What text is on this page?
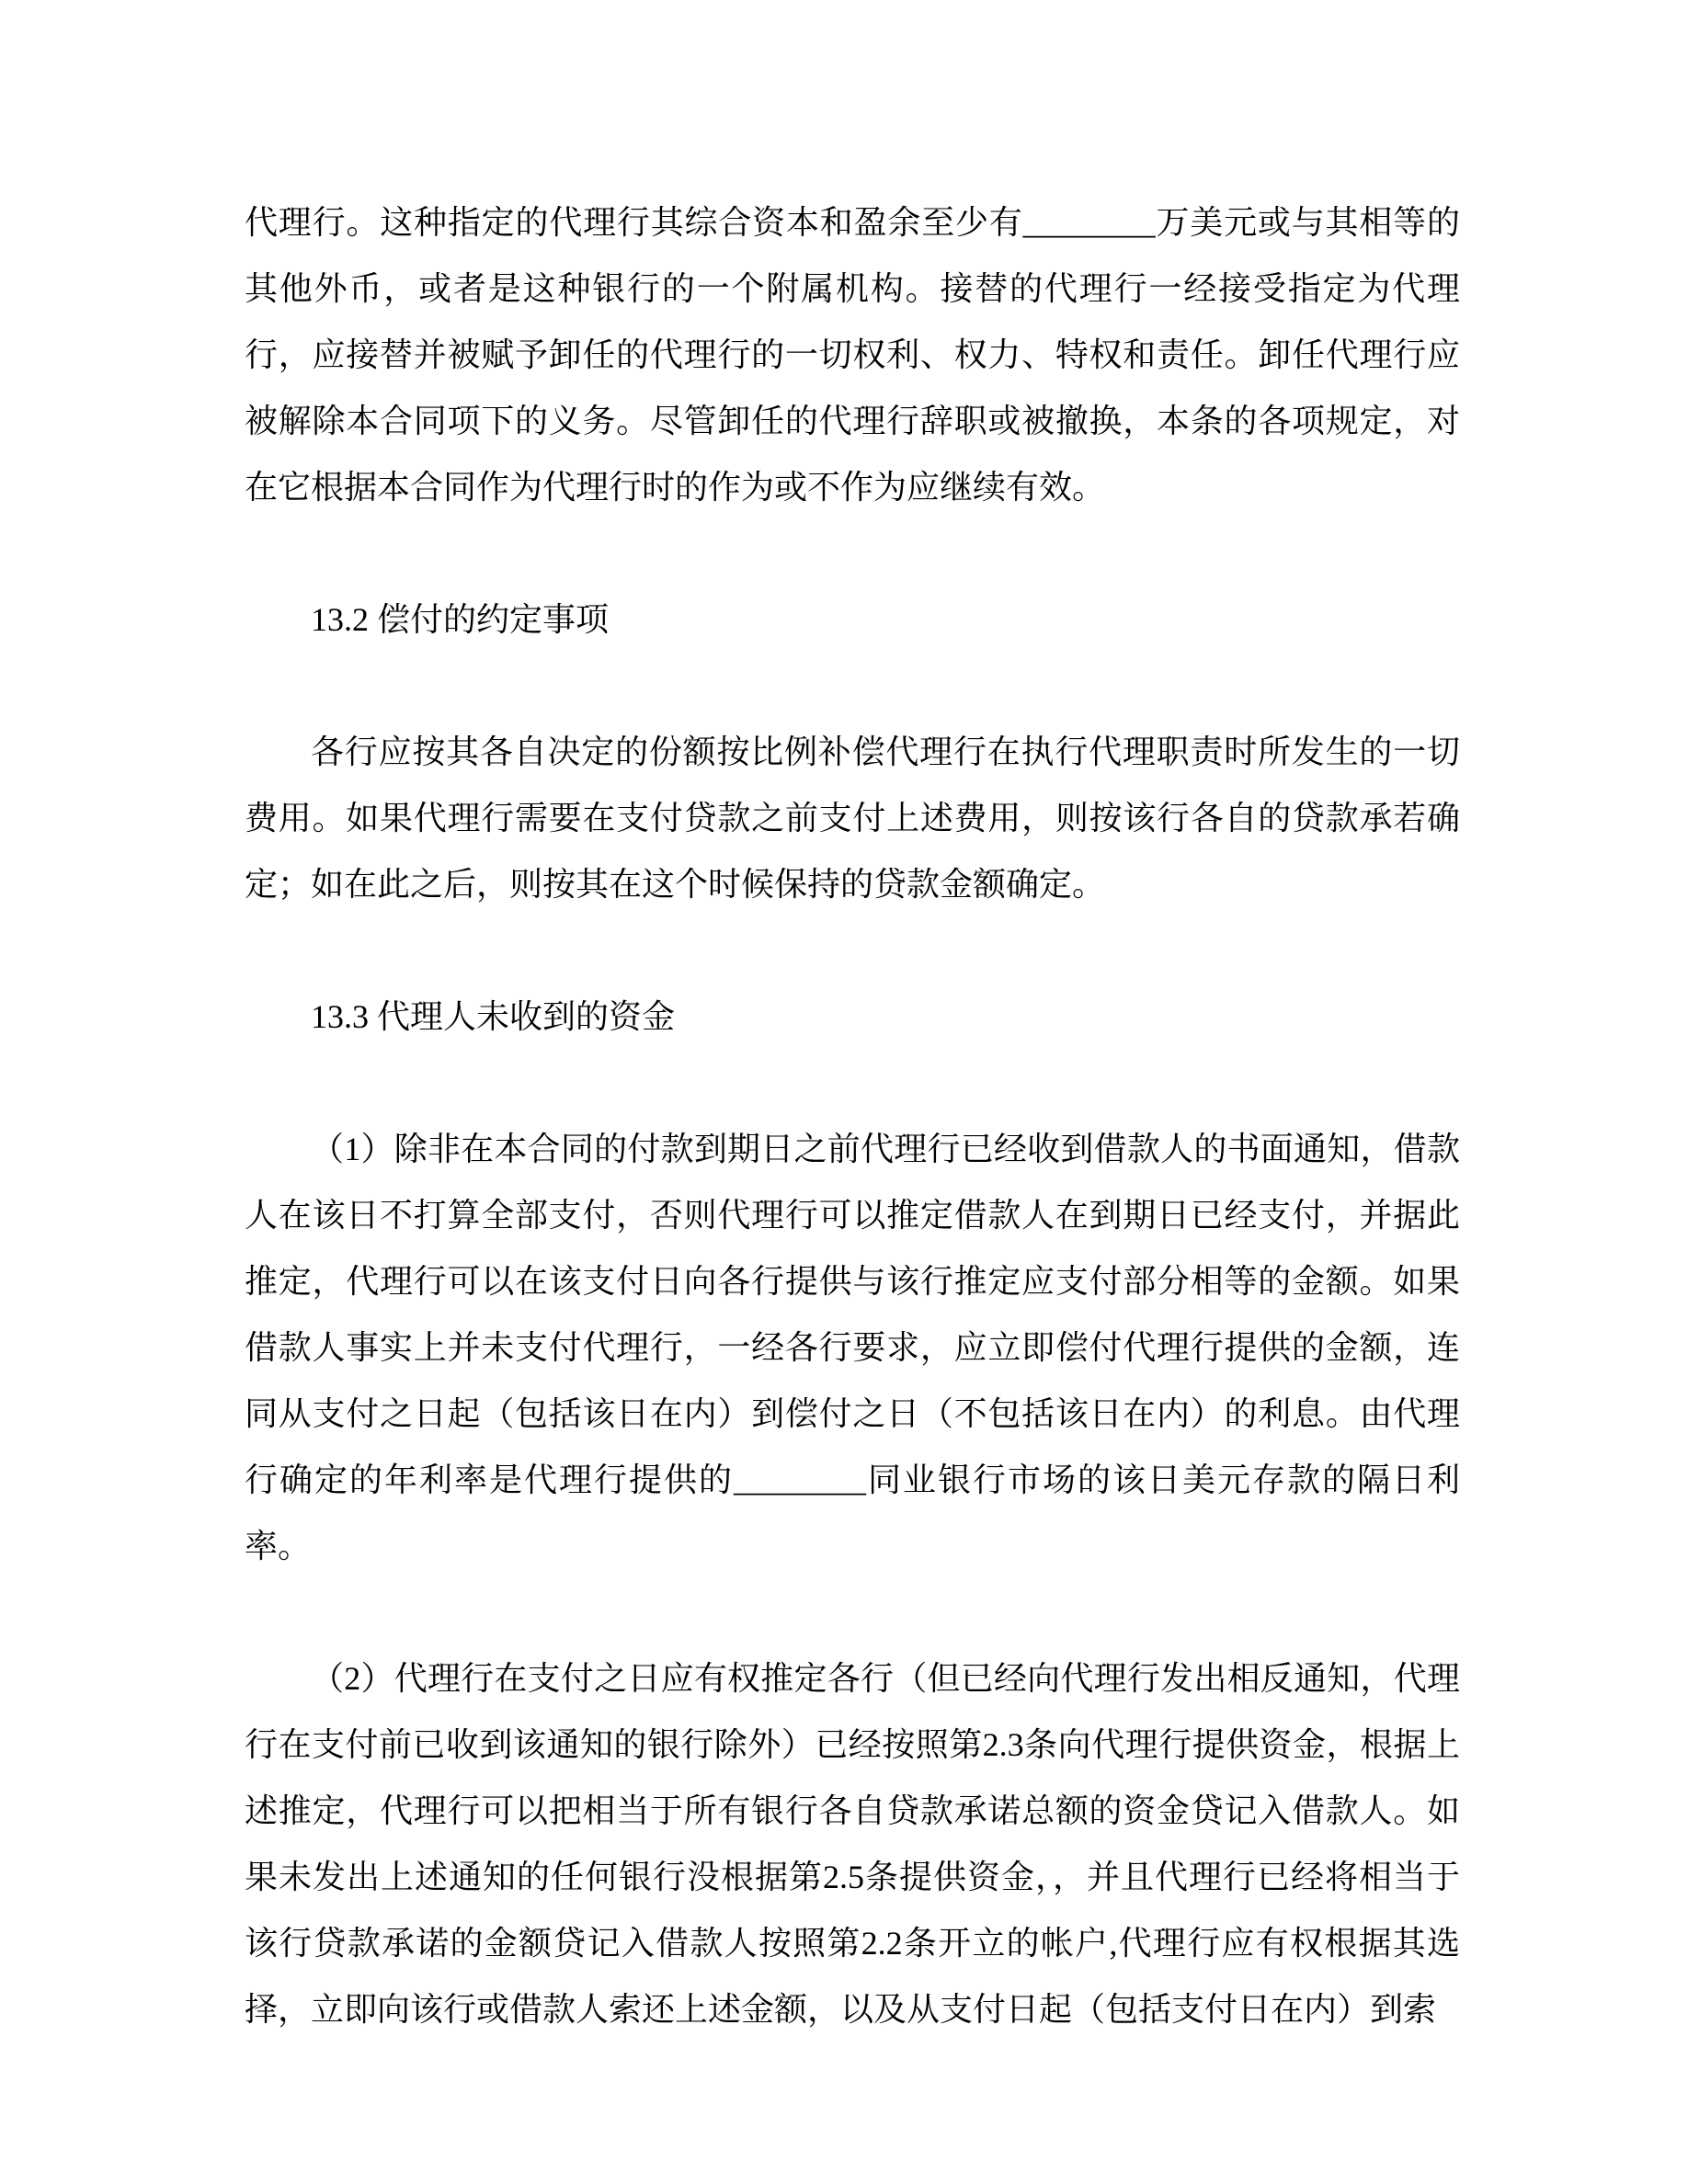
代理行。这种指定的代理行其综合资本和盈余至少有________万美元或与其相等的其他外币，或者是这种银行的一个附属机构。接替的代理行一经接受指定为代理行，应接替并被赋予卸任的代理行的一切权利、权力、特权和责任。卸任代理行应被解除本合同项下的义务。尽管卸任的代理行辞职或被撤换，本条的各项规定，对在它根据本合同作为代理行时的作为或不作为应继续有效。

13.2 偿付的约定事项

各行应按其各自决定的份额按比例补偿代理行在执行代理职责时所发生的一切费用。如果代理行需要在支付贷款之前支付上述费用，则按该行各自的贷款承若确定；如在此之后，则按其在这个时候保持的贷款金额确定。

13.3 代理人未收到的资金

（1）除非在本合同的付款到期日之前代理行已经收到借款人的书面通知，借款人在该日不打算全部支付，否则代理行可以推定借款人在到期日已经支付，并据此推定，代理行可以在该支付日向各行提供与该行推定应支付部分相等的金额。如果借款人事实上并未支付代理行，一经各行要求，应立即偿付代理行提供的金额，连同从支付之日起（包括该日在内）到偿付之日（不包括该日在内）的利息。由代理行确定的年利率是代理行提供的________同业银行市场的该日美元存款的隔日利率。

（2）代理行在支付之日应有权推定各行（但已经向代理行发出相反通知，代理行在支付前已收到该通知的银行除外）已经按照第2.3条向代理行提供资金，根据上述推定，代理行可以把相当于所有银行各自贷款承诺总额的资金贷记入借款人。如果未发出上述通知的任何银行没根据第2.5条提供资金，，并且代理行已经将相当于该行贷款承诺的金额贷记入借款人按照第2.2条开立的帐户,代理行应有权根据其选择，立即向该行或借款人索还上述金额，以及从支付日起（包括支付日在内）到索
